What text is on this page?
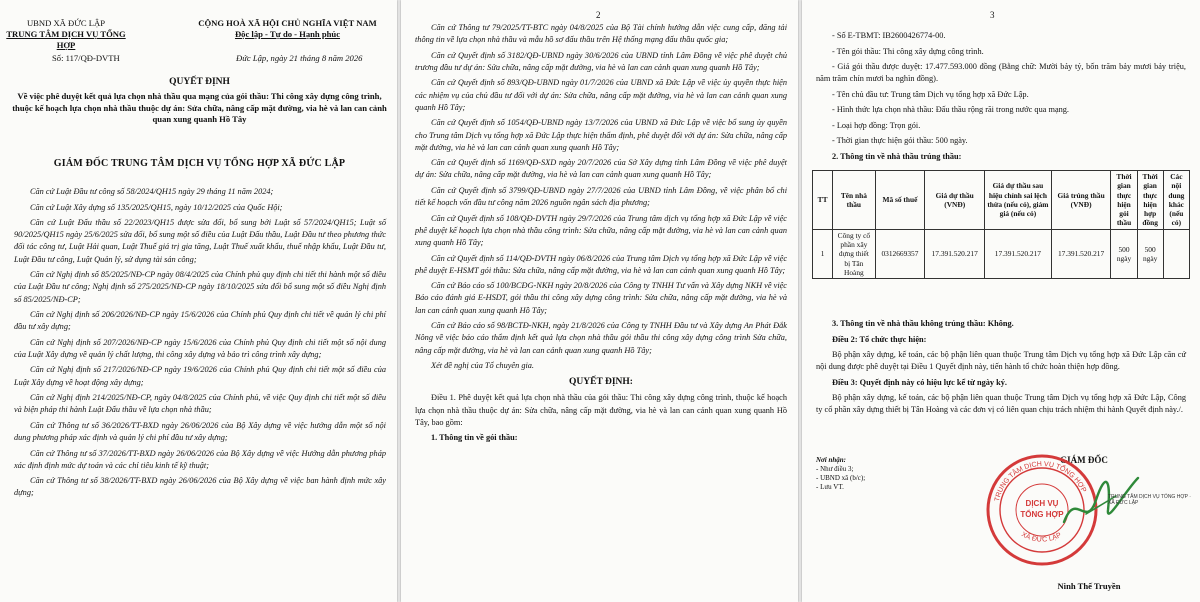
UBND XÃ ĐỨC LẬP
TRUNG TÂM DỊCH VỤ TỔNG HỢP
CỘNG HOÀ XÃ HỘI CHỦ NGHĨA VIỆT NAM
Độc lập - Tự do - Hạnh phúc
Số: 117/QĐ-DVTH	Đức Lập, ngày 21 tháng 8 năm 2026
QUYẾT ĐỊNH
Về việc phê duyệt kết quả lựa chọn nhà thầu qua mạng của gói thầu: Thi công xây dựng công trình, thuộc kế hoạch lựa chọn nhà thầu thuộc dự án: Sửa chữa, nâng cấp mặt đường, via hè và lan can cảnh quan xung quanh Hồ Tây
GIÁM ĐỐC TRUNG TÂM DỊCH VỤ TỔNG HỢP XÃ ĐỨC LẬP

Căn cứ Luật Đầu tư công số 58/2024/QH15 ngày 29 tháng 11 năm 2024;

Căn cứ Luật Xây dựng số 135/2025/QH15, ngày 10/12/2025 của Quốc Hội;

Căn cứ Luật Đấu thầu số 22/2023/QH15 được sửa đổi, bổ sung bởi Luật số 57/2024/QH15; Luật số 90/2025/QH15 ngày 25/6/2025 sửa đổi, bổ sung một số điều của Luật Đấu thầu, Luật Đầu tư theo phương thức đối tác công tư, Luật Hải quan, Luật Thuế giá trị gia tăng, Luật Thuế xuất khẩu, thuế nhập khẩu, Luật Đầu tư, Luật Đầu tư công, Luật Quản lý, sử dụng tài sản công;

Căn cứ Nghị định số 85/2025/NĐ-CP ngày 08/4/2025 của Chính phủ quy định chi tiết thi hành một số điều của Luật Đầu tư công; Nghị định số 275/2025/NĐ-CP ngày 18/10/2025 sửa đổi bổ sung một số điều Nghị định số 85/2025/NĐ-CP;

Căn cứ Nghị định số 206/2026/NĐ-CP ngày 15/6/2026 của Chính phủ Quy định chi tiết về quản lý chi phí đầu tư xây dựng;

Căn cứ Nghị định số 207/2026/NĐ-CP ngày 15/6/2026 của Chính phủ Quy định chi tiết một số nội dung của Luật Xây dựng về quản lý chất lượng, thi công xây dựng và bảo trì công trình xây dựng;

Căn cứ Nghị định số 217/2026/NĐ-CP ngày 19/6/2026 của Chính phủ Quy định chi tiết một số điều của Luật Xây dựng về hoạt động xây dựng;

Căn cứ Nghị định 214/2025/NĐ-CP, ngày 04/8/2025 của Chính phủ, về việc Quy định chi tiết một số điều và biện pháp thi hành Luật Đấu thầu về lựa chọn nhà thầu;

Căn cứ Thông tư số 36/2026/TT-BXD ngày 26/06/2026 của Bộ Xây dựng về việc hướng dẫn một số nội dung phương pháp xác định và quản lý chi phí đầu tư xây dựng;

Căn cứ Thông tư số 37/2026/TT-BXD ngày 26/06/2026 của Bộ Xây dựng về việc Hướng dẫn phương pháp xác định định mức dự toán và các chỉ tiêu kinh tế kỹ thuật;

Căn cứ Thông tư số 38/2026/TT-BXD ngày 26/06/2026 của Bộ Xây dựng về việc ban hành định mức xây dựng;

2

Căn cứ Thông tư 79/2025/TT-BTC ngày 04/8/2025 của Bộ Tài chính hướng dẫn việc cung cấp, đăng tải thông tin về lựa chọn nhà thầu và mẫu hồ sơ đấu thầu trên Hệ thống mạng đấu thầu quốc gia;

Căn cứ Quyết định số 3182/QĐ-UBND ngày 30/6/2026 của UBND tỉnh Lâm Đồng về việc phê duyệt chủ trương đầu tư dự án: Sửa chữa, nâng cấp mặt đường, via hè và lan can cảnh quan xung quanh Hồ Tây;

Căn cứ Quyết định số 893/QĐ-UBND ngày 01/7/2026 của UBND xã Đức Lập về việc ủy quyền thực hiện các nhiệm vụ của chủ đầu tư đối với dự án: Sửa chữa, nâng cấp mặt đường, via hè và lan can cảnh quan xung quanh Hồ Tây;

Căn cứ Quyết định số 1054/QĐ-UBND ngày 13/7/2026 của UBND xã Đức Lập về việc bổ sung ủy quyền cho Trung tâm Dịch vụ tổng hợp xã Đức Lập thực hiện thẩm định, phê duyệt đối với dự án: Sửa chữa, nâng cấp mặt đường, via hè và lan can cảnh quan xung quanh Hồ Tây;

Căn cứ Quyết định số 1169/QĐ-SXD ngày 20/7/2026 của Sở Xây dựng tỉnh Lâm Đồng về việc phê duyệt dự án: Sửa chữa, nâng cấp mặt đường, via hè và lan can cảnh quan xung quanh Hồ Tây;

Căn cứ Quyết định số 3799/QĐ-UBND ngày 27/7/2026 của UBND tỉnh Lâm Đồng, về việc phân bổ chi tiết kế hoạch vốn đầu tư công năm 2026 nguồn ngân sách địa phương;

Căn cứ Quyết định số 108/QĐ-DVTH ngày 29/7/2026 của Trung tâm dịch vụ tổng hợp xã Đức Lập về việc phê duyệt kế hoạch lựa chọn nhà thầu công trình: Sửa chữa, nâng cấp mặt đường, via hè và lan can cảnh quan xung quanh Hồ Tây;

Căn cứ Quyết định số 114/QĐ-DVTH ngày 06/8/2026 của Trung tâm Dịch vụ tổng hợp xã Đức Lập về việc phê duyệt E-HSMT gói thầu: Sửa chữa, nâng cấp mặt đường, via hè và lan can cảnh quan xung quanh Hồ Tây;

Căn cứ Báo cáo số 100/BCĐG-NKH ngày 20/8/2026 của Công ty TNHH Tư vấn và Xây dựng NKH về việc Báo cáo đánh giá E-HSDT, gói thầu thi công xây dựng công trình: Sửa chữa, nâng cấp mặt đường, via hè và lan can cảnh quan xung quanh Hồ Tây;

Căn cứ Báo cáo số 98/BCTĐ-NKH, ngày 21/8/2026 của Công ty TNHH Đầu tư và Xây dựng An Phát Đắk Nông về việc báo cáo thẩm định kết quả lựa chọn nhà thầu gói thầu thi công xây dựng công trình Sửa chữa, nâng cấp mặt đường, via hè và lan can cảnh quan xung quanh Hồ Tây;

Xét đề nghị của Tổ chuyên gia.

QUYẾT ĐỊNH:

Điều 1. Phê duyệt kết quả lựa chọn nhà thầu của gói thầu: Thi công xây dựng công trình, thuộc kế hoạch lựa chọn nhà thầu thuộc dự án: Sửa chữa, nâng cấp mặt đường, via hè và lan can cảnh quan xung quanh Hồ Tây, bao gồm:

1. Thông tin về gói thầu:

3

- Số E-TBMT: IB2600426774-00.

- Tên gói thầu: Thi công xây dựng công trình.

- Giá gói thầu được duyệt: 17.477.593.000 đồng (Bằng chữ: Mười bảy tỷ, bốn trăm bảy mươi bảy triệu, năm trăm chín mươi ba nghìn đồng).

- Tên chủ đầu tư: Trung tâm Dịch vụ tổng hợp xã Đức Lập.

- Hình thức lựa chọn nhà thầu: Đấu thầu rộng rãi trong nước qua mạng.

- Loại hợp đồng: Trọn gói.

- Thời gian thực hiện gói thầu: 500 ngày.

2. Thông tin về nhà thầu trúng thầu:

TT	Tên nhà thầu	Mã số thuế	Giá dự thầu (VNĐ)	Giá dự thầu sau hiệu chỉnh sai lệch thừa (nếu có), giảm giá (nếu có)	Giá trúng thầu (VNĐ)	Thời gian thực hiện gói thầu	Thời gian thực hiện hợp đồng	Các nội dung khác (nếu có)
1	Công ty cổ phần xây dựng thiết bị Tân Hoàng	0312669357	17.391.520.217	17.391.520.217	17.391.520.217	500 ngày	500 ngày	

3. Thông tin về nhà thầu không trúng thầu: Không.

Điều 2: Tổ chức thực hiện:

Bộ phận xây dựng, kế toán, các bộ phận liên quan thuộc Trung tâm Dịch vụ tổng hợp xã Đức Lập căn cứ nội dung được phê duyệt tại Điều 1 Quyết định này, tiến hành tổ chức hoàn thiện hợp đồng.

Điều 3: Quyết định này có hiệu lực kể từ ngày ký.

Bộ phận xây dựng, kế toán, các bộ phận liên quan thuộc Trung tâm Dịch vụ tổng hợp xã Đức Lập, Công ty cổ phần xây dựng thiết bị Tân Hoàng và các đơn vị có liên quan chịu trách nhiệm thi hành Quyết định này./.

Nơi nhận:
- Như điều 3;
- UBND xã (b/c);
- Lưu VT.
GIÁM ĐỐC
Ninh Thế Truyền
DỊCH VỤ
TỔNG HỢP
TRUNG TÂM DỊCH VỤ TỔNG HỢP
XÃ ĐỨC LẬP
TRUNG TÂM DỊCH VỤ TỔNG HỢP · XÃ ĐỨC LẬP
